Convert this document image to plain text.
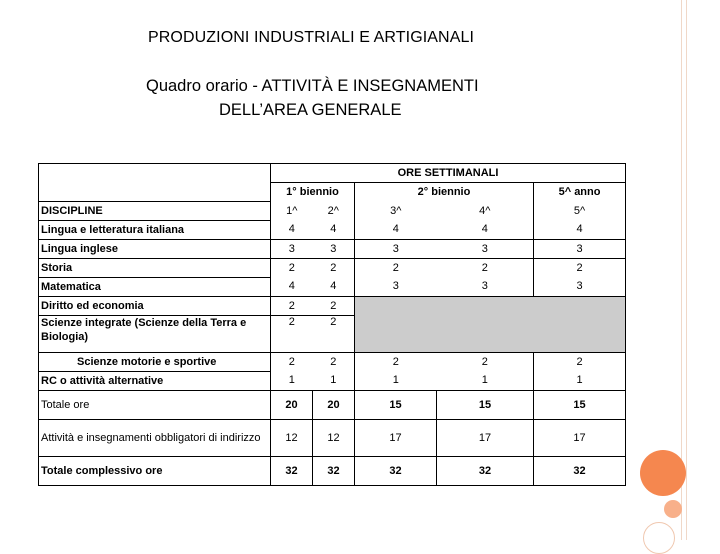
PRODUZIONI INDUSTRIALI E ARTIGIANALI
Quadro orario - ATTIVITÀ E INSEGNAMENTI
DELL’AREA GENERALE
	ORE SETTIMANALI				
	1° biennio		2° biennio		5^ anno
DISCIPLINE	1^	2^	3^	4^	5^
Lingua e letteratura italiana	4	4	4	4	4
Lingua inglese	3	3	3	3	3
Storia	2	2	2	2	2
Matematica	4	4	3	3	3
Diritto ed economia	2	2			
Scienze integrate (Scienze della Terra e Biologia)	2	2			
Scienze motorie e sportive	2	2	2	2	2
RC o attività alternative	1	1	1	1	1
Totale ore	20	20	15	15	15
Attività e insegnamenti obbligatori di indirizzo	12	12	17	17	17
Totale complessivo ore	32	32	32	32	32
